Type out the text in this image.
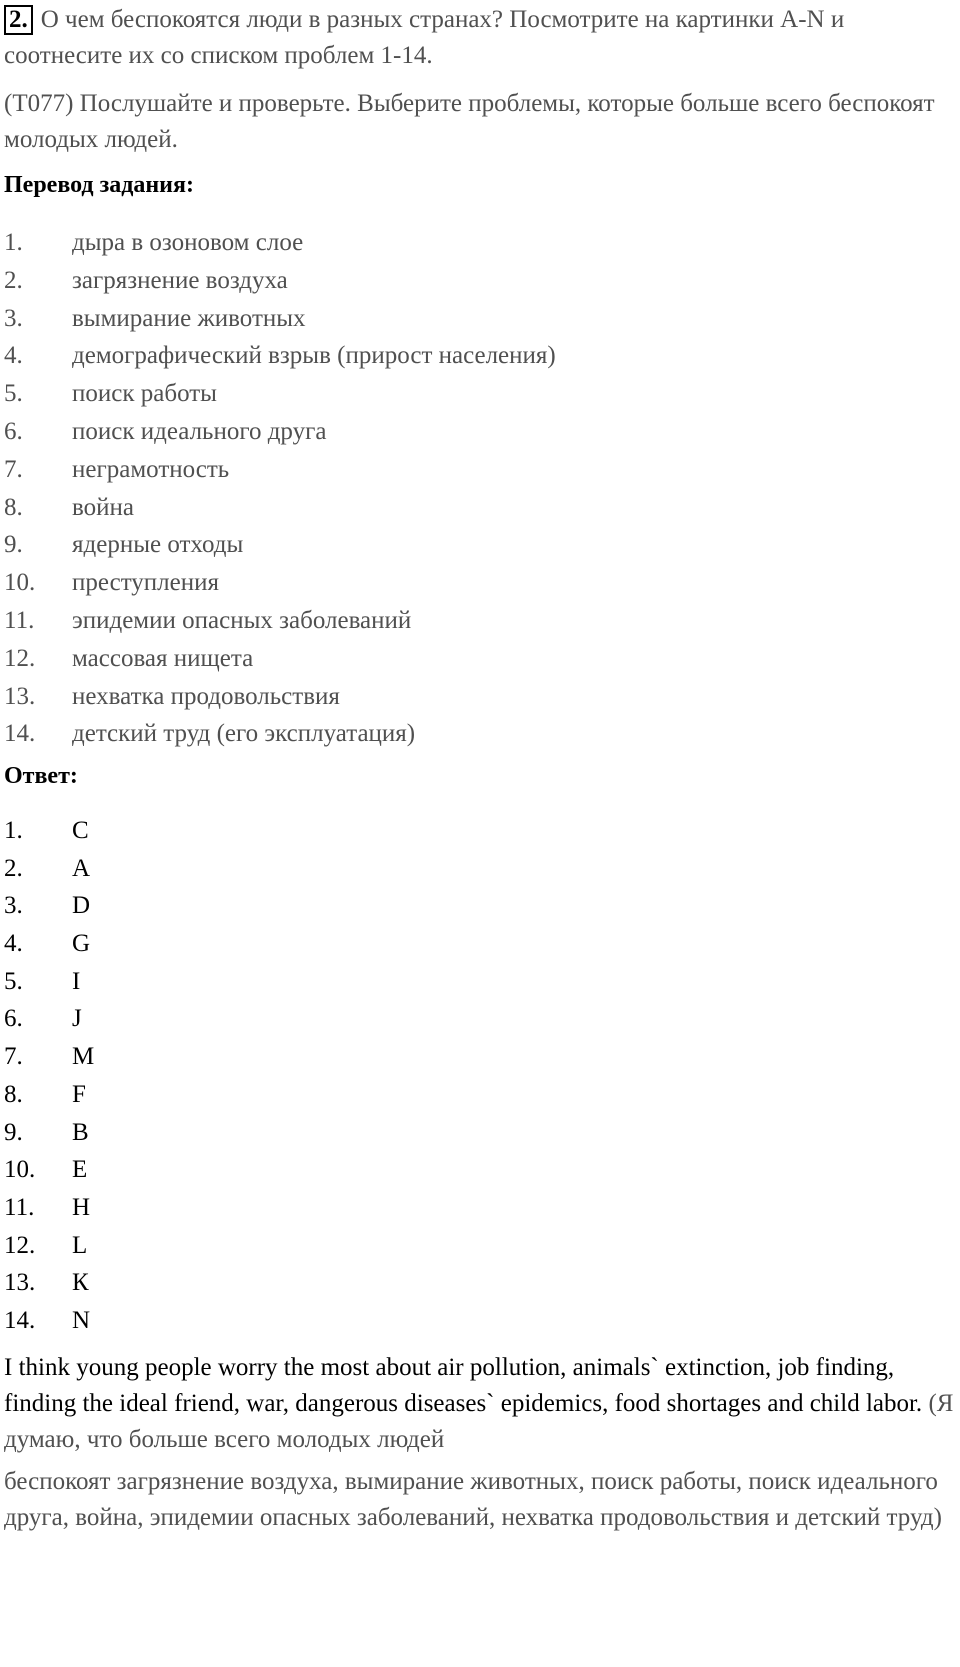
2. О чем беспокоятся люди в разных странах? Посмотрите на картинки A-N и соотнесите их со списком проблем 1-14.
(T077) Послушайте и проверьте. Выберите проблемы, которые больше всего беспокоят молодых людей.
Перевод задания:
1. дыра в озоновом слое
2. загрязнение воздуха
3. вымирание животных
4. демографический взрыв (прирост населения)
5. поиск работы
6. поиск идеального друга
7. неграмотность
8. война
9. ядерные отходы
10. преступления
11. эпидемии опасных заболеваний
12. массовая нищета
13. нехватка продовольствия
14. детский труд (его эксплуатация)
Ответ:
1. C
2. A
3. D
4. G
5. I
6. J
7. M
8. F
9. B
10. E
11. H
12. L
13. К
14. N
I think young people worry the most about air pollution, animals` extinction, job finding, finding the ideal friend, war, dangerous diseases` epidemics, food shortages and child labor. (Я думаю, что больше всего молодых людей
беспокоят загрязнение воздуха, вымирание животных, поиск работы, поиск идеального друга, война, эпидемии опасных заболеваний, нехватка продовольствия и детский труд)
